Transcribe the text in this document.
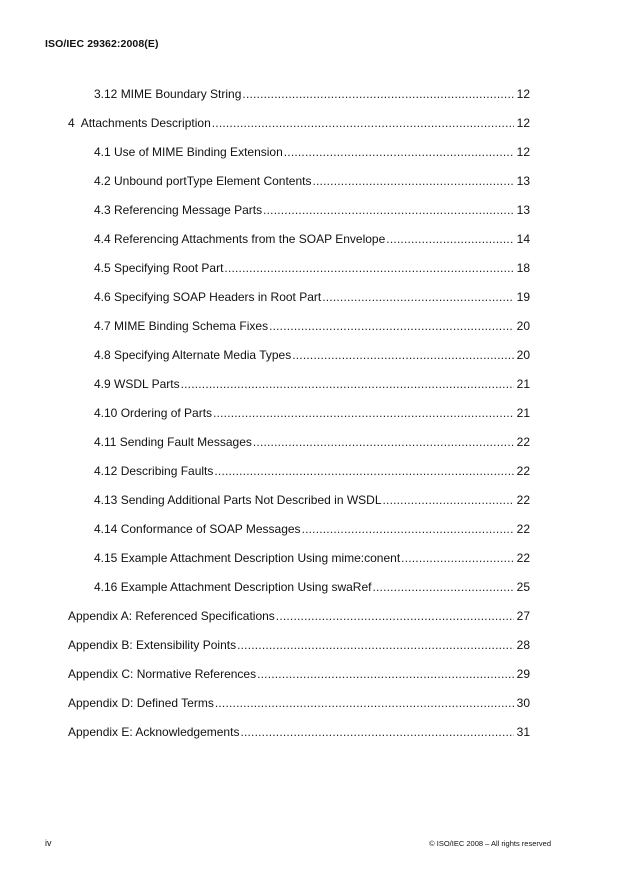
ISO/IEC 29362:2008(E)
3.12 MIME Boundary String .....	12
4 Attachments Description .....	12
4.1 Use of MIME Binding Extension .....	12
4.2 Unbound portType Element Contents .....	13
4.3 Referencing Message Parts .....	13
4.4 Referencing Attachments from the SOAP Envelope .....	14
4.5 Specifying Root Part .....	18
4.6 Specifying SOAP Headers in Root Part .....	19
4.7 MIME Binding Schema Fixes .....	20
4.8 Specifying Alternate Media Types .....	20
4.9 WSDL Parts .....	21
4.10 Ordering of Parts .....	21
4.11 Sending Fault Messages .....	22
4.12 Describing Faults .....	22
4.13 Sending Additional Parts Not Described in WSDL .....	22
4.14 Conformance of SOAP Messages .....	22
4.15 Example Attachment Description Using mime:conent .....	22
4.16 Example Attachment Description Using swaRef .....	25
Appendix A: Referenced Specifications .....	27
Appendix B: Extensibility Points .....	28
Appendix C: Normative References .....	29
Appendix D: Defined Terms .....	30
Appendix E: Acknowledgements .....	31
iv	© ISO/IEC 2008 – All rights reserved
